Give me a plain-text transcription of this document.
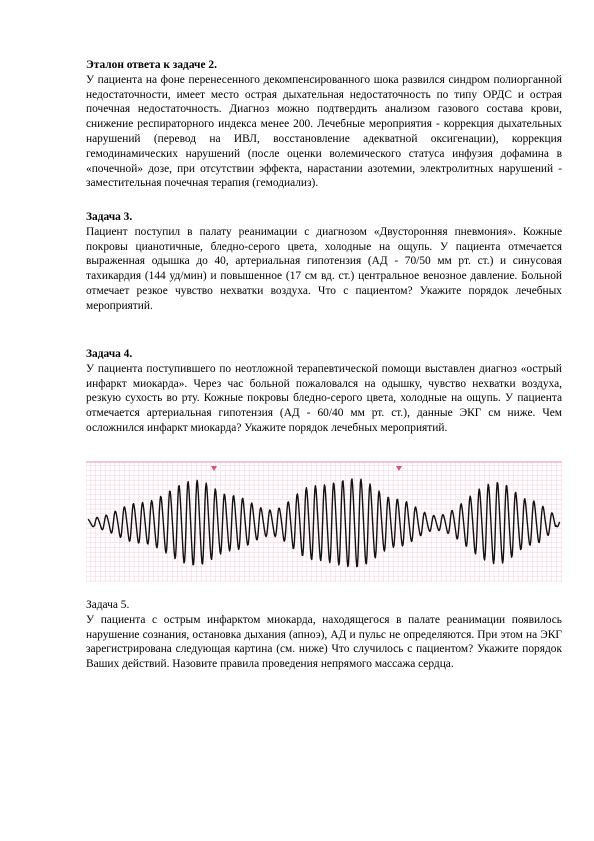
Эталон ответа к задаче 2.

У пациента на фоне перенесенного декомпенсированного шока развился синдром полиорганной недостаточности, имеет место острая дыхательная недостаточность по типу ОРДС и острая почечная недостаточность. Диагноз можно подтвердить анализом газового состава крови, снижение респираторного индекса менее 200. Лечебные мероприятия - коррекция дыхательных нарушений (перевод на ИВЛ, восстановление адекватной оксигенации), коррекция гемодинамических нарушений (после оценки волемического статуса инфузия дофамина в «почечной» дозе, при отсутствии эффекта, нарастании азотемии, электролитных нарушений - заместительная почечная терапия (гемодиализ).

Задача 3.

Пациент поступил в палату реанимации с диагнозом «Двусторонняя пневмония». Кожные покровы цианотичные, бледно-серого цвета, холодные на ощупь. У пациента отмечается выраженная одышка до 40, артериальная гипотензия (АД - 70/50 мм рт. ст.) и синусовая тахикардия (144 уд/мин) и повышенное (17 см вд. ст.) центральное венозное давление. Больной отмечает резкое чувство нехватки воздуха. Что с пациентом? Укажите порядок лечебных мероприятий.

Задача 4.

У пациента поступившего по неотложной терапевтической помощи выставлен диагноз «острый инфаркт миокарда». Через час больной пожаловался на одышку, чувство нехватки воздуха, резкую сухость во рту. Кожные покровы бледно-серого цвета, холодные на ощупь. У пациента отмечается артериальная гипотензия (АД - 60/40 мм рт. ст.), данные ЭКГ см ниже. Чем осложнился инфаркт миокарда? Укажите порядок лечебных мероприятий.

Задача 5.

У пациента с острым инфарктом миокарда, находящегося в палате реанимации появилось нарушение сознания, остановка дыхания (апноэ), АД и пульс не определяются. При этом на ЭКГ зарегистрирована следующая картина (см. ниже) Что случилось с пациентом? Укажите порядок Ваших действий. Назовите правила проведения непрямого массажа сердца.
